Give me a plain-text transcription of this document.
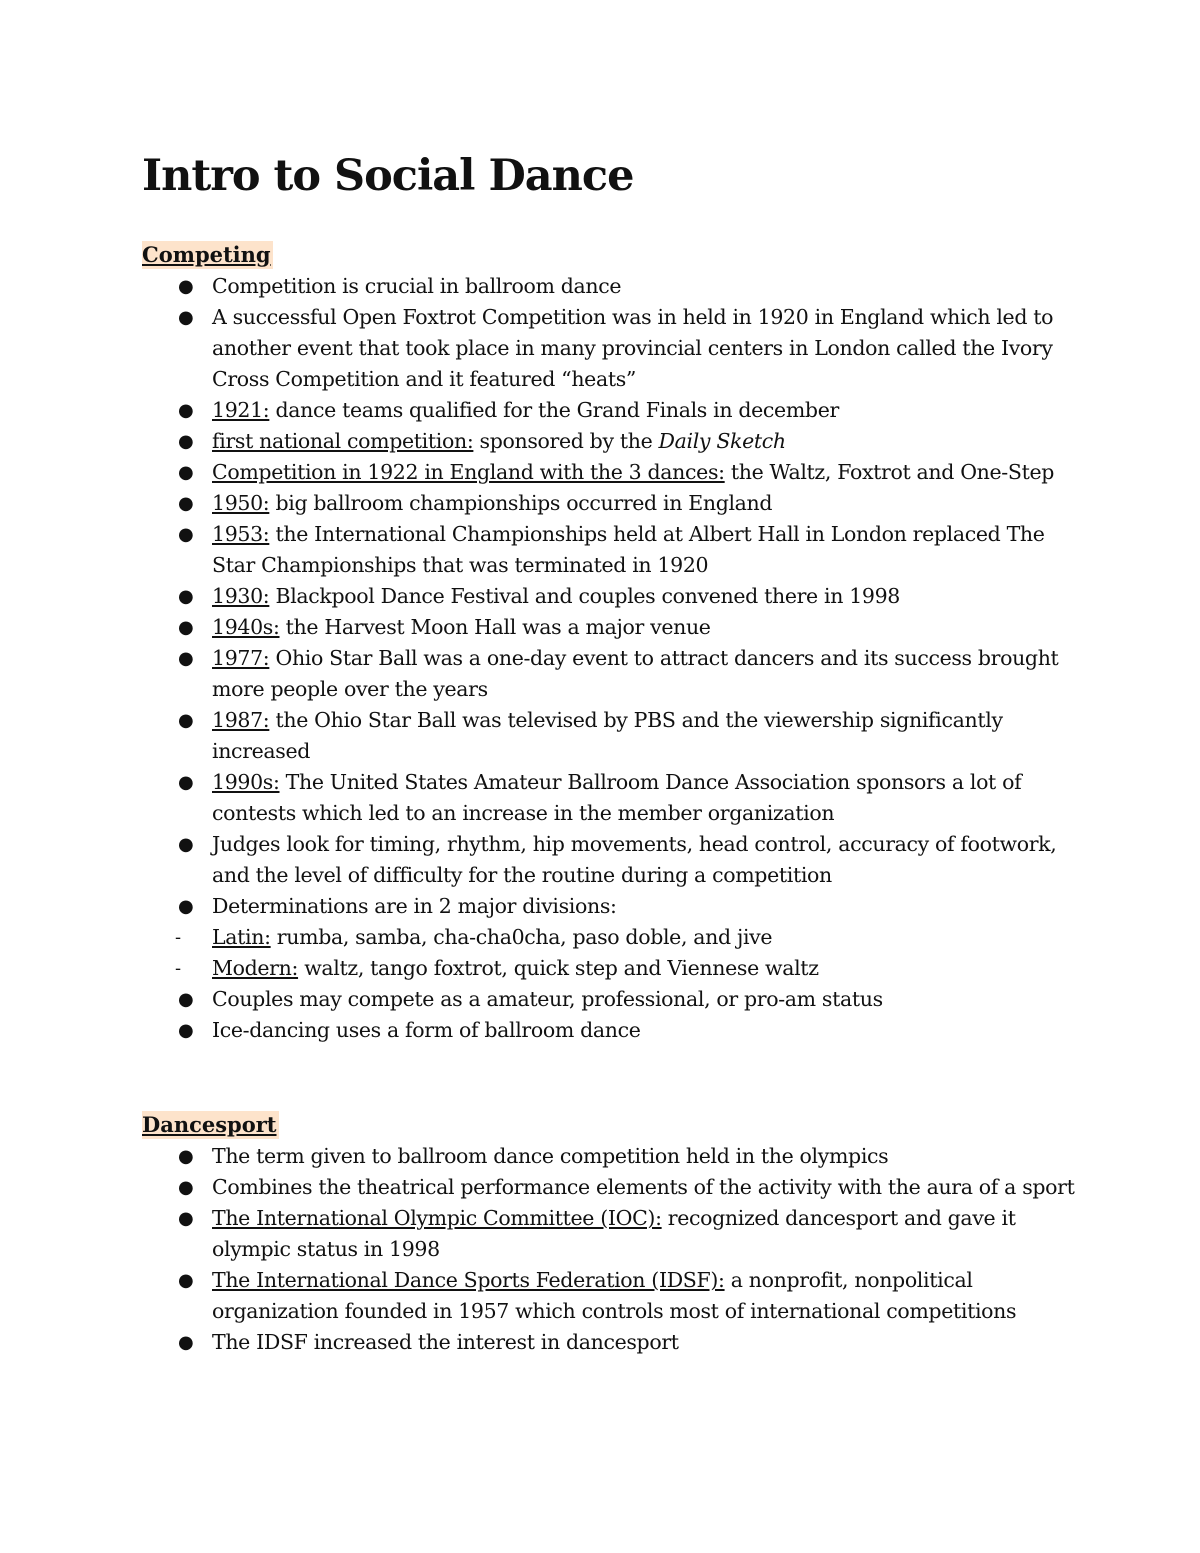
Intro to Social Dance
Competing
● Competition is crucial in ballroom dance
● A successful Open Foxtrot Competition was in held in 1920 in England which led to another event that took place in many provincial centers in London called the Ivory Cross Competition and it featured “heats”
● 1921: dance teams qualified for the Grand Finals in december
● first national competition: sponsored by the Daily Sketch
● Competition in 1922 in England with the 3 dances: the Waltz, Foxtrot and One-Step
● 1950: big ballroom championships occurred in England
● 1953: the International Championships held at Albert Hall in London replaced The Star Championships that was terminated in 1920
● 1930: Blackpool Dance Festival and couples convened there in 1998
● 1940s: the Harvest Moon Hall was a major venue
● 1977: Ohio Star Ball was a one-day event to attract dancers and its success brought more people over the years
● 1987: the Ohio Star Ball was televised by PBS and the viewership significantly increased
● 1990s: The United States Amateur Ballroom Dance Association sponsors a lot of contests which led to an increase in the member organization
● Judges look for timing, rhythm, hip movements, head control, accuracy of footwork, and the level of difficulty for the routine during a competition
● Determinations are in 2 major divisions:
- Latin: rumba, samba, cha-cha0cha, paso doble, and jive
- Modern: waltz, tango foxtrot, quick step and Viennese waltz
● Couples may compete as a amateur, professional, or pro-am status
● Ice-dancing uses a form of ballroom dance
Dancesport
● The term given to ballroom dance competition held in the olympics
● Combines the theatrical performance elements of the activity with the aura of a sport
● The International Olympic Committee (IOC): recognized dancesport and gave it olympic status in 1998
● The International Dance Sports Federation (IDSF): a nonprofit, nonpolitical organization founded in 1957 which controls most of international competitions
● The IDSF increased the interest in dancesport
